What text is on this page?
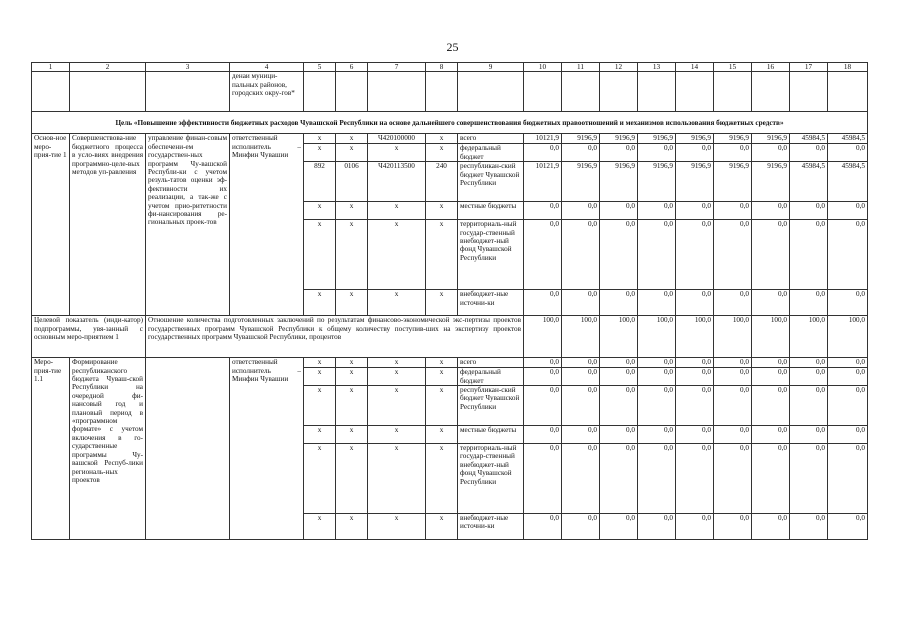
25
1	2	3	4	5	6	7	8	9	10	11	12	13	14	15	16	17	18
			денаи муници-пальных районов, городских окру-гов*														
Цель «Повышение эффективности бюджетных расходов Чувашской Республики на основе дальнейшего совершенствования бюджетных правоотношений и механизмов использования бюджетных средств»																	
Основ-ное меро-прия-тие 1	Совершенствова-ние бюджетного процесса в усло-виях внедрения программно-целе-вых методов уп-равления	управление финан-совым обеспечени-ем государствен-ных программ Чу-вашской Республи-ки с учетом резуль-татов оценки эф-фективности их реализации, а так-же с учетом прио-ритетности фи-нансирования ре-гиональных проек-тов	ответственный исполнитель – Минфин Чувашии	x	x	Ч420100000	x	всего	10121,9	9196,9	9196,9	9196,9	9196,9	9196,9	9196,9	45984,5	45984,5
				x	x	x	x	федеральный бюджет	0,0	0,0	0,0	0,0	0,0	0,0	0,0	0,0	0,0
				892	0106	Ч420113500	240	республикан-ский бюджет Чувашской Республики	10121,9	9196,9	9196,9	9196,9	9196,9	9196,9	9196,9	45984,5	45984,5
				x	x	x	x	местные бюджеты	0,0	0,0	0,0	0,0	0,0	0,0	0,0	0,0	0,0
				x	x	x	x	территориаль-ный государ-ственный внебюджет-ный фонд Чувашской Республики	0,0	0,0	0,0	0,0	0,0	0,0	0,0	0,0	0,0
				x	x	x	x	внебюджет-ные источни-ки	0,0	0,0	0,0	0,0	0,0	0,0	0,0	0,0	0,0
Целевой показатель (инди-катор) подпрограммы, увя-занный с основным меро-приятием 1		Отношение количества подготовленных заключений по результатам финансово-экономической экс-пертизы проектов государственных программ Чувашской Республики к общему количеству поступив-ших на экспертизу проектов государственных программ Чувашской Республики, процентов							100,0	100,0	100,0	100,0	100,0	100,0	100,0	100,0	100,0
Меро-прия-тие 1.1	Формирование республиканского бюджета Чуваш-ской Республики на очередной фи-нансовый год и плановый период в «программном формате» с учетом включения в го-сударственные программы Чу-вашской Респуб-лики региональ-ных проектов		ответственный исполнитель – Минфин Чувашии	x	x	x	x	всего	0,0	0,0	0,0	0,0	0,0	0,0	0,0	0,0	0,0
				x	x	x	x	федеральный бюджет	0,0	0,0	0,0	0,0	0,0	0,0	0,0	0,0	0,0
				x	x	x	x	республикан-ский бюджет Чувашской Республики	0,0	0,0	0,0	0,0	0,0	0,0	0,0	0,0	0,0
				x	x	x	x	местные бюджеты	0,0	0,0	0,0	0,0	0,0	0,0	0,0	0,0	0,0
				x	x	x	x	территориаль-ный государ-ственный внебюджет-ный фонд Чувашской Республики	0,0	0,0	0,0	0,0	0,0	0,0	0,0	0,0	0,0
				x	x	x	x	внебюджет-ные источни-ки	0,0	0,0	0,0	0,0	0,0	0,0	0,0	0,0	0,0
